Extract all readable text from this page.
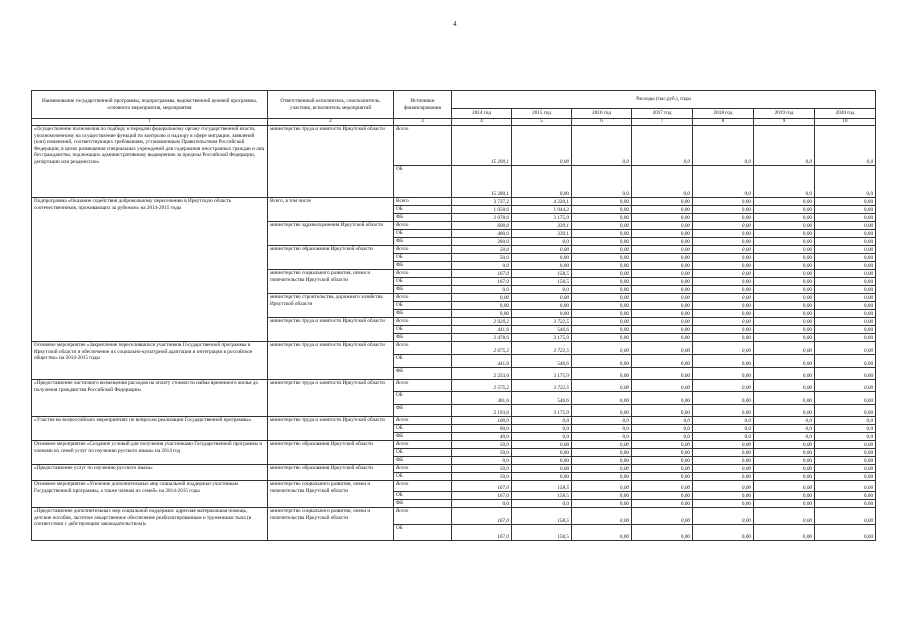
4
Наименование государственной программы, подпрограммы, ведомственной целевой программы, основного мероприятия, мероприятия	Ответственный исполнитель, соисполнитель, участник, исполнитель мероприятий	Источники финансирования	Расходы (тыс.руб.), годы						
			2014 год	2015 год	2016 год	2017 год	2018 год	2019 год	2020 год
1	2	3	4	5	6	7	8	9	10
«Осуществление полномочия по подбору и передачи федеральному органу государственной власти, уполномоченному на осуществление функций по контролю и надзору в сфере миграции, заявлений (или) поменений, соответствующих требованиям, установленным Правительством Российской Федерации, в целях размещения специальных учреждений для содержания иностранных граждан и лиц без гражданства, подлежащих административному выдворению за пределы Российской Федерации, депортации или реадмиссии»	министерство труда и занятости Иркутской области	Всего	15 200,1	0,00	0,0	0,0	0,0	0,0	0,0
		ОБ	15 200,1	0,00	0,0	0,0	0,0	0,0	0,0
Подпрограмма «Оказание содействия добровольному переселению в Иркутскую область соотечественников, проживающих за рубежом» на 2014-2015 годы	Всего, в том числе	Всего	3 737,2	4 220,1	0,00	0,00	0,00	0,00	0,00
		ОБ	1 058,6	1 044,2	0,00	0,00	0,00	0,00	0,00
		ФБ	2 678,6	3 175,9	0,00	0,00	0,00	0,00	0,00
	министерство здравоохранения Иркутской области	Всего	600,0	339,1	0,00	0,00	0,00	0,00	0,00
		ОБ	400,0	339,1	0,00	0,00	0,00	0,00	0,00
		ФБ	200,0	0,0	0,00	0,00	0,00	0,00	0,00
	министерство образования Иркутской области	Всего	50,0	0,00	0,00	0,00	0,00	0,00	0,00
		ОБ	50,0	0,00	0,00	0,00	0,00	0,00	0,00
		ФБ	0,0	0,00	0,00	0,00	0,00	0,00	0,00
	министерство социального развития, опеки и попечительства Иркутской области	Всего	167,0	158,5	0,00	0,00	0,00	0,00	0,00
		ОБ	167,0	158,5	0,00	0,00	0,00	0,00	0,00
		ФБ	0,0	0,0	0,00	0,00	0,00	0,00	0,00
	министерство строительства, дорожного хозяйства Иркутской области	Всего	0,00	0,00	0,00	0,00	0,00	0,00	0,00
		ОБ	0,00	0,00	0,00	0,00	0,00	0,00	0,00
		ФБ	0,00	0,00	0,00	0,00	0,00	0,00	0,00
	министерство труда и занятости Иркутской области	Всего	2 920,2	3 722,5	0,00	0,00	0,00	0,00	0,00
		ОБ	441,6	546,6	0,00	0,00	0,00	0,00	0,00
		ФБ	2 478,6	3 175,9	0,00	0,00	0,00	0,00	0,00
Основное мероприятие «Закрепление переселившихся участников Государственной программы в Иркутской области и обеспечение их социально-культурной адаптации и интеграции в российское общество» на 2014-2015 годы	министерство труда и занятости Иркутской области	Всего	2 675,2	3 722,5	0,00	0,00	0,00	0,00	0,00
		ОБ	441,6	546,6	0,00	0,00	0,00	0,00	0,00
		ФБ	2 233,6	3 175,9	0,00	0,00	0,00	0,00	0,00
«Предоставление частичного возмещения расходов на оплату стоимости найма временного жилья до получения гражданства Российской Федерации»	министерство труда и занятости Иркутской области	Всего	2 575,2	3 722,5	0,00	0,00	0,00	0,00	0,00
		ОБ	381,6	546,6	0,00	0,00	0,00	0,00	0,00
		ФБ	2 193,6	3 175,9	0,00	0,00	0,00	0,00	0,00
«Участие во всероссийских мероприятиях по вопросам реализации Государственной программы»	министерство труда и занятости Иркутской области	Всего	100,0	0,0	0,0	0,0	0,0	0,0	0,0
		ОБ	60,0	0,0	0,0	0,0	0,0	0,0	0,0
		ФБ	40,0	0,0	0,0	0,0	0,0	0,0	0,0
Основное мероприятие «Создание условий для получения участниками Государственной программы и членами их семей услуг по изучению русского языка» на 2014 год	министерство образования Иркутской области	Всего	50,0	0,00	0,00	0,00	0,00	0,00	0,00
		ОБ	50,0	0,00	0,00	0,00	0,00	0,00	0,00
		ФБ	0,0	0,00	0,00	0,00	0,00	0,00	0,00
«Предоставление услуг по изучению русского языка»	министерство образования Иркутской области	Всего	50,0	0,00	0,00	0,00	0,00	0,00	0,00
		ОБ	50,0	0,00	0,00	0,00	0,00	0,00	0,00
Основное мероприятие «Усиление дополнительных мер социальной поддержки участникам Государственной программы, а также членам их семей» на 2014-2015 годы	министерство социального развития, опеки и попечительства Иркутской области	Всего	167,0	158,5	0,00	0,00	0,00	0,00	0,00
		ОБ	167,0	158,5	0,00	0,00	0,00	0,00	0,00
		ФБ	0,0	0,0	0,00	0,00	0,00	0,00	0,00
«Предоставление дополнительных мер социальной поддержки: адресная материальная помощь, детские пособия, льготное лекарственное обеспечение реабилитированным и труженикам тыла (в соответствии с действующим законодательством)»	министерство социального развития, опеки и попечительства Иркутской области	Всего	167,0	158,5	0,00	0,00	0,00	0,00	0,00
		ОБ	167,0	158,5	0,00	0,00	0,00	0,00	0,00
